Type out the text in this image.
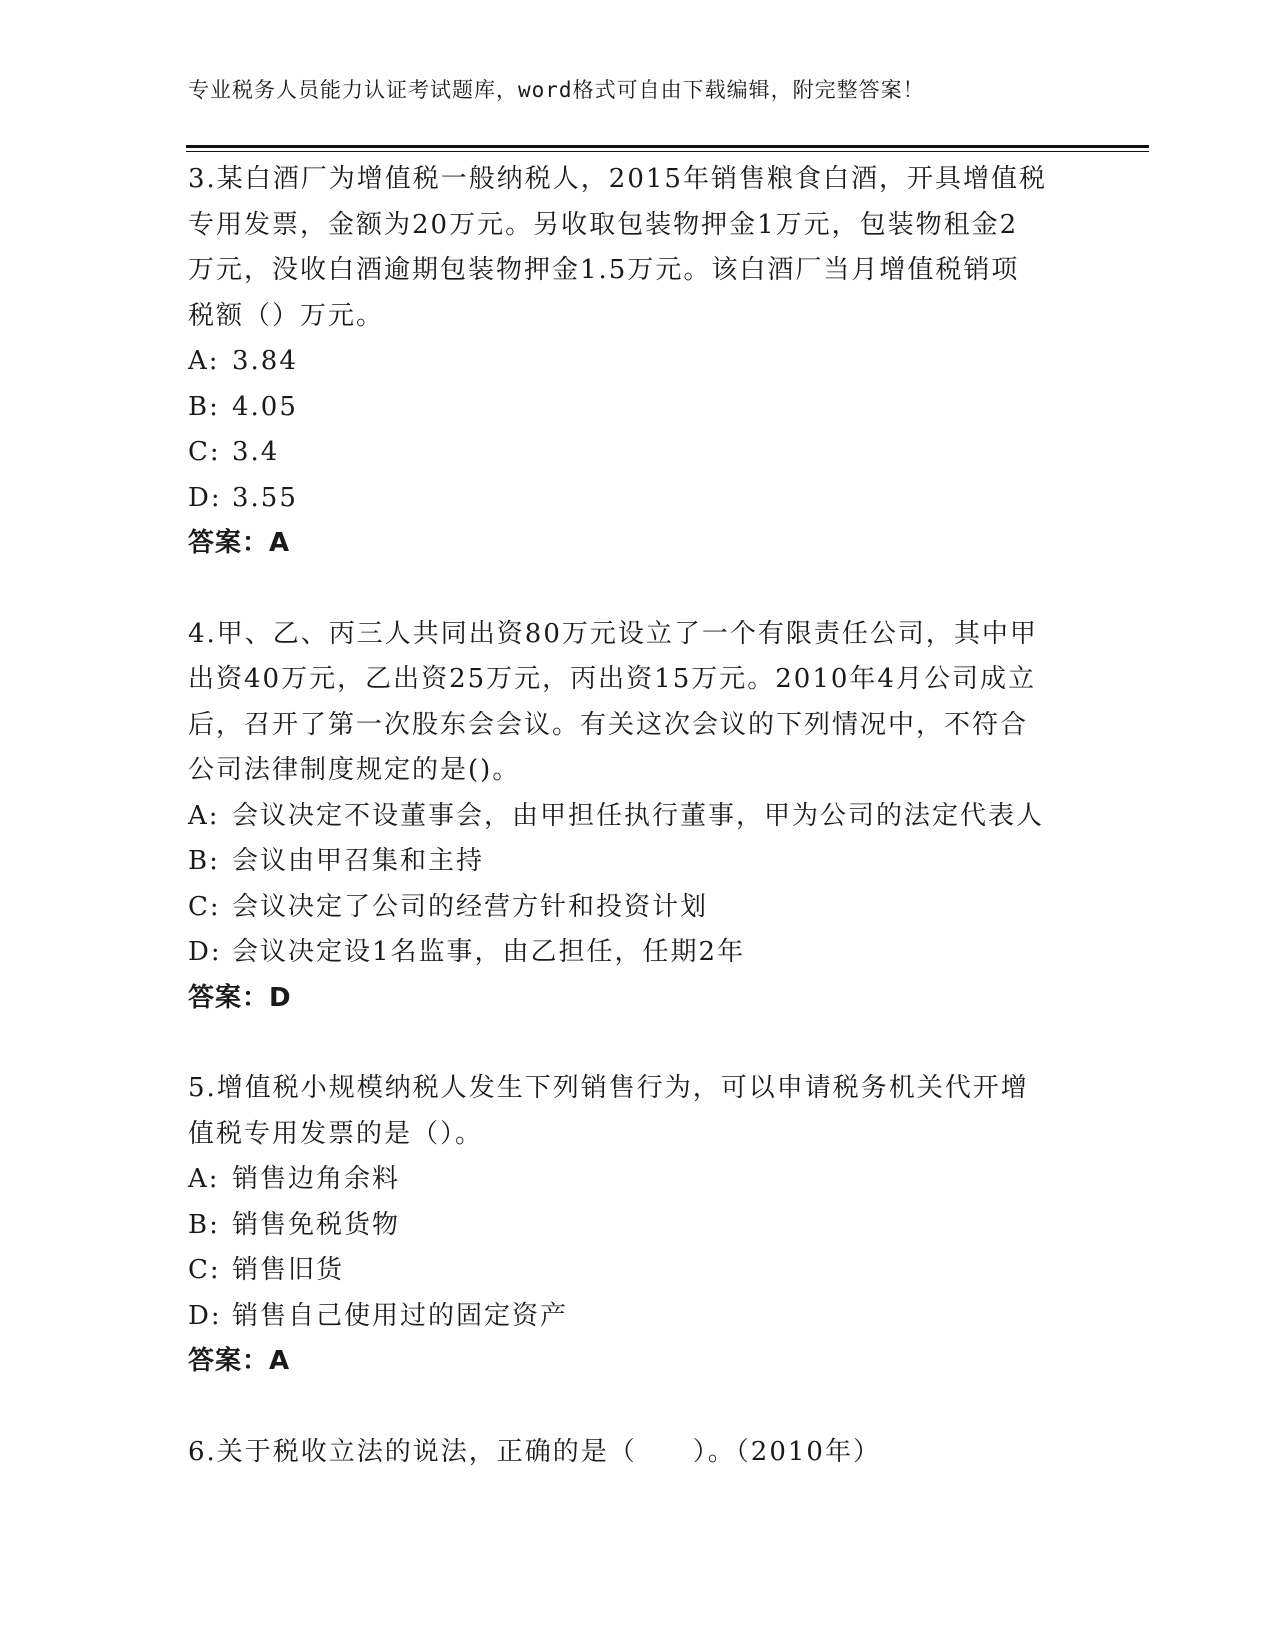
专业税务人员能力认证考试题库，word格式可自由下载编辑，附完整答案！
3.某白酒厂为增值税一般纳税人，2015年销售粮食白酒，开具增值税
专用发票，金额为20万元。另收取包装物押金1万元，包装物租金2
万元，没收白酒逾期包装物押金1.5万元。该白酒厂当月增值税销项
税额（）万元。
A: 3.84
B: 4.05
C: 3.4
D: 3.55
答案：A
4.甲、乙、丙三人共同出资80万元设立了一个有限责任公司，其中甲
出资40万元，乙出资25万元，丙出资15万元。2010年4月公司成立
后，召开了第一次股东会会议。有关这次会议的下列情况中，不符合
公司法律制度规定的是()。
A: 会议决定不设董事会，由甲担任执行董事，甲为公司的法定代表人
B: 会议由甲召集和主持
C: 会议决定了公司的经营方针和投资计划
D: 会议决定设1名监事，由乙担任，任期2年
答案：D
5.增值税小规模纳税人发生下列销售行为，可以申请税务机关代开增
值税专用发票的是（）。
A: 销售边角余料
B: 销售免税货物
C: 销售旧货
D: 销售自己使用过的固定资产
答案：A
6.关于税收立法的说法，正确的是（　　）。（2010年）
